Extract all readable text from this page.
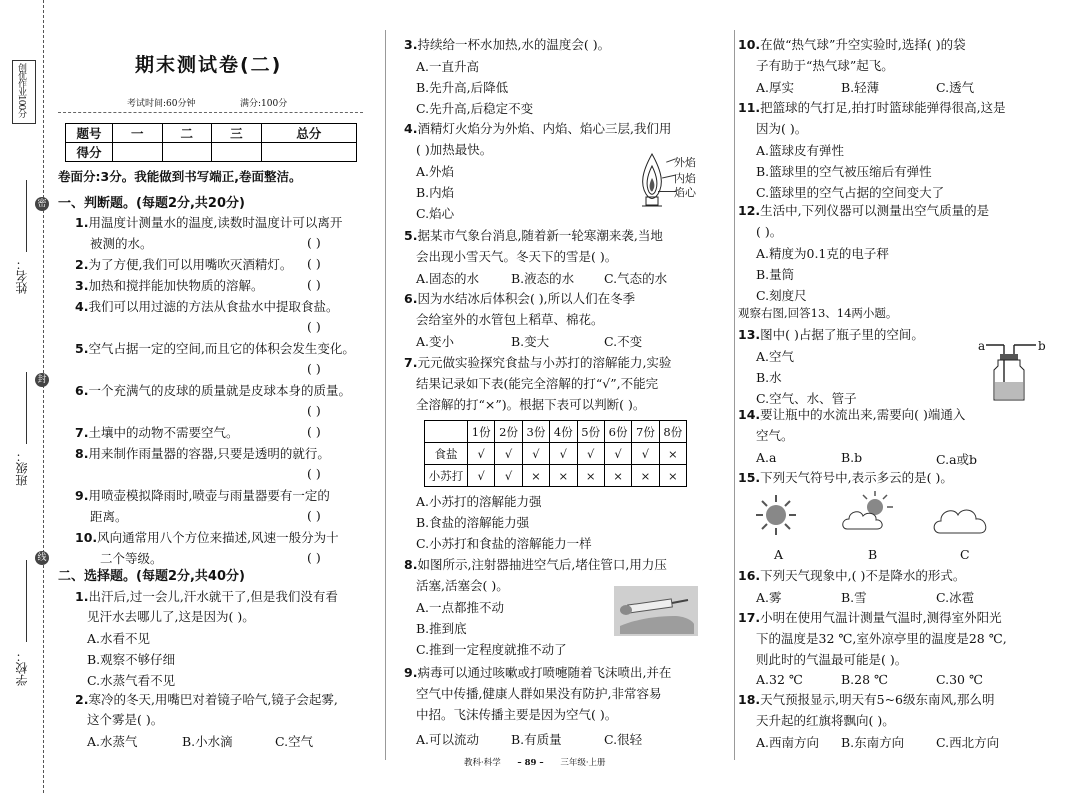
创优作业100分
密
封
线
姓名：
班级：
学校：
期末测试卷(二)
考试时间:60分钟	满分:100分
题号	一	二	三	总分
得分				
卷面分:3分。我能做到书写端正,卷面整洁。
一、判断题。(每题2分,共20分)
1.用温度计测量水的温度,读数时温度计可以离开
被测的水。	( )
2.为了方便,我们可以用嘴吹灭酒精灯。 ( )
3.加热和搅拌能加快物质的溶解。	( )
4.我们可以用过滤的方法从食盐水中提取食盐。
( )
5.空气占据一定的空间,而且它的体积会发生变化。
( )
6.一个充满气的皮球的质量就是皮球本身的质量。
( )
7.土壤中的动物不需要空气。	( )
8.用来制作雨量器的容器,只要是透明的就行。
( )
9.用喷壶模拟降雨时,喷壶与雨量器要有一定的
距离。	( )
10.风向通常用八个方位来描述,风速一般分为十
二个等级。	( )
二、选择题。(每题2分,共40分)
1.出汗后,过一会儿,汗水就干了,但是我们没有看
见汗水去哪儿了,这是因为( )。
A.水看不见
B.观察不够仔细
C.水蒸气看不见
2.寒冷的冬天,用嘴巴对着镜子哈气,镜子会起雾,
这个雾是( )。
A.水蒸气	B.小水滴	C.空气
3.持续给一杯水加热,水的温度会( )。
A.一直升高
B.先升高,后降低
C.先升高,后稳定不变
4.酒精灯火焰分为外焰、内焰、焰心三层,我们用
( )加热最快。
A.外焰
B.内焰
C.焰心
外焰
内焰
焰心
5.据某市气象台消息,随着新一轮寒潮来袭,当地
会出现小雪天气。冬天下的雪是( )。
A.固态的水	B.液态的水 C.气态的水
6.因为水结冰后体积会( ),所以人们在冬季
会给室外的水管包上稻草、棉花。
A.变小	B.变大	C.不变
7.元元做实验探究食盐与小苏打的溶解能力,实验
结果记录如下表(能完全溶解的打“√”,不能完
全溶解的打“×”)。根据下表可以判断( )。
	1份	2份	3份	4份	5份	6份	7份	8份
食盐	√	√	√	√	√	√	√	×
小苏打	√	√	×	×	×	×	×	×
A.小苏打的溶解能力强
B.食盐的溶解能力强
C.小苏打和食盐的溶解能力一样
8.如图所示,注射器抽进空气后,堵住管口,用力压
活塞,活塞会( )。
A.一点都推不动
B.推到底
C.推到一定程度就推不动了
9.病毒可以通过咳嗽或打喷嚏随着飞沫喷出,并在
空气中传播,健康人群如果没有防护,非常容易
中招。飞沫传播主要是因为空气( )。
A.可以流动	B.有质量	C.很轻
教科·科学 – 89 – 三年级·上册
10.在做“热气球”升空实验时,选择( )的袋
子有助于“热气球”起飞。
A.厚实	B.轻薄	C.透气
11.把篮球的气打足,拍打时篮球能弹得很高,这是
因为( )。
A.篮球皮有弹性
B.篮球里的空气被压缩后有弹性
C.篮球里的空气占据的空间变大了
12.生活中,下列仪器可以测量出空气质量的是
( )。
A.精度为0.1克的电子秤
B.量筒
C.刻度尺
观察右图,回答13、14两小题。
13.图中( )占据了瓶子里的空间。
A.空气
B.水
C.空气、水、管子
a	b
14.要让瓶中的水流出来,需要向( )端通入
空气。
A.a	B.b	C.a或b
15.下列天气符号中,表示多云的是( )。
A	B	C
16.下列天气现象中,( )不是降水的形式。
A.雾	B.雪	C.冰雹
17.小明在使用气温计测量气温时,测得室外阳光
下的温度是32 ℃,室外凉亭里的温度是28 ℃,
则此时的气温最可能是( )。
A.32 ℃	B.28 ℃	C.30 ℃
18.天气预报显示,明天有5~6级东南风,那么明
天升起的红旗将飘向( )。
A.西南方向 B.东南方向	C.西北方向
